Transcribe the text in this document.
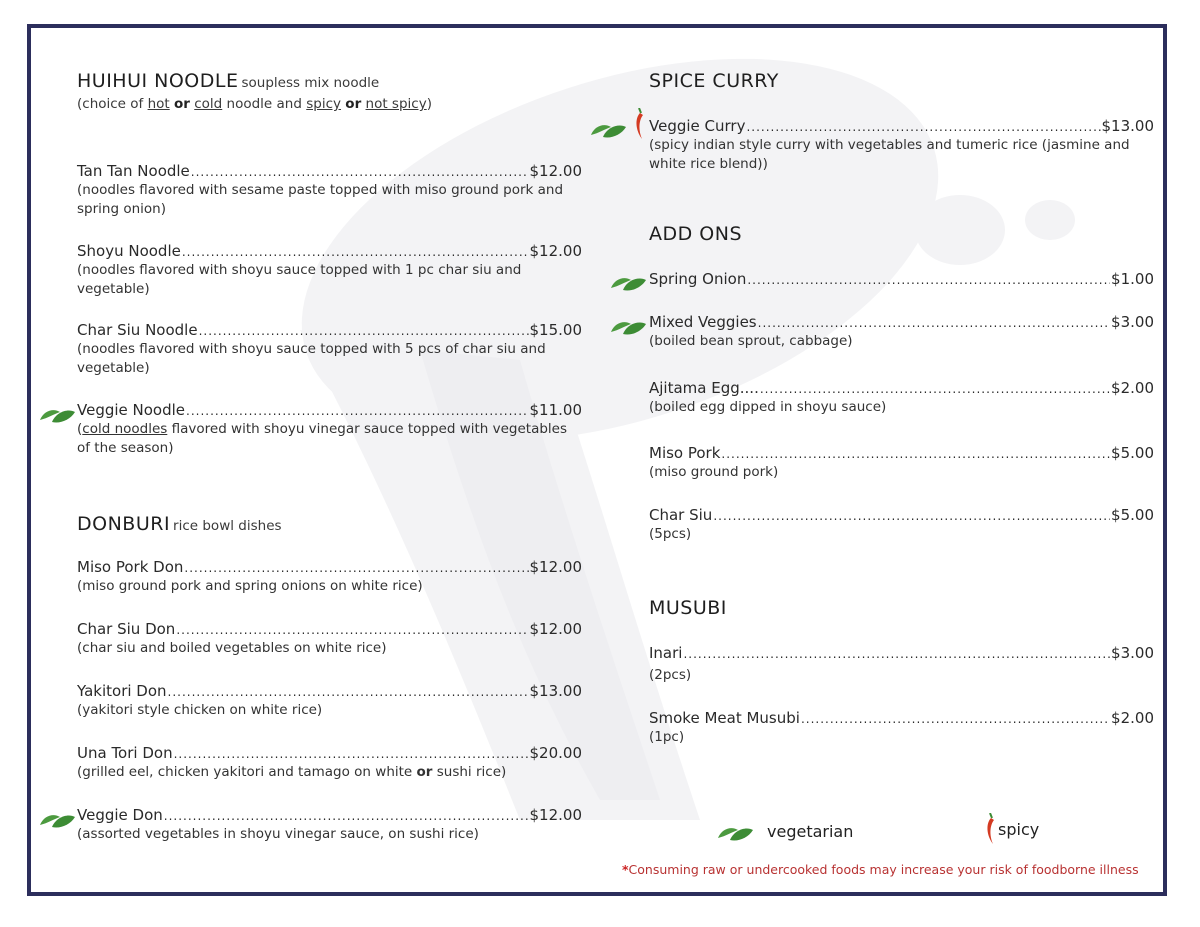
HUIHUI NOODLE soupless mix noodle
(choice of hot or cold noodle and spicy or not spicy)
Tan Tan Noodle .....	$12.00
(noodles flavored with sesame paste topped with miso ground pork and spring onion)
Shoyu Noodle .....	$12.00
(noodles flavored with shoyu sauce topped with 1 pc char siu and vegetable)
Char Siu Noodle .....	$15.00
(noodles flavored with shoyu sauce topped with 5 pcs of char siu and vegetable)
Veggie Noodle .....	$11.00
(cold noodles flavored with shoyu vinegar sauce topped with vegetables of the season)
DONBURI rice bowl dishes
Miso Pork Don .....	$12.00
(miso ground pork and spring onions on white rice)
Char Siu Don .....	$12.00
(char siu and boiled vegetables on white rice)
Yakitori Don .....	$13.00
(yakitori style chicken on white rice)
Una Tori Don .....	$20.00
(grilled eel, chicken yakitori and tamago on white or sushi rice)
Veggie Don .....	$12.00
(assorted vegetables in shoyu vinegar sauce, on sushi rice)
SPICE CURRY
Veggie Curry .....	$13.00
(spicy indian style curry with vegetables and tumeric rice (jasmine and white rice blend))
ADD ONS
Spring Onion .....	$1.00
Mixed Veggies .....	$3.00
(boiled bean sprout, cabbage)
Ajitama Egg.... .....	$2.00
(boiled egg dipped in shoyu sauce)
Miso Pork .....	$5.00
(miso ground pork)
Char Siu .....	$5.00
(5pcs)
MUSUBI
Inari .....	$3.00
(2pcs)
Smoke Meat Musubi .....	$2.00
(1pc)
vegetarian	spicy
*Consuming raw or undercooked foods may increase your risk of foodborne illness
